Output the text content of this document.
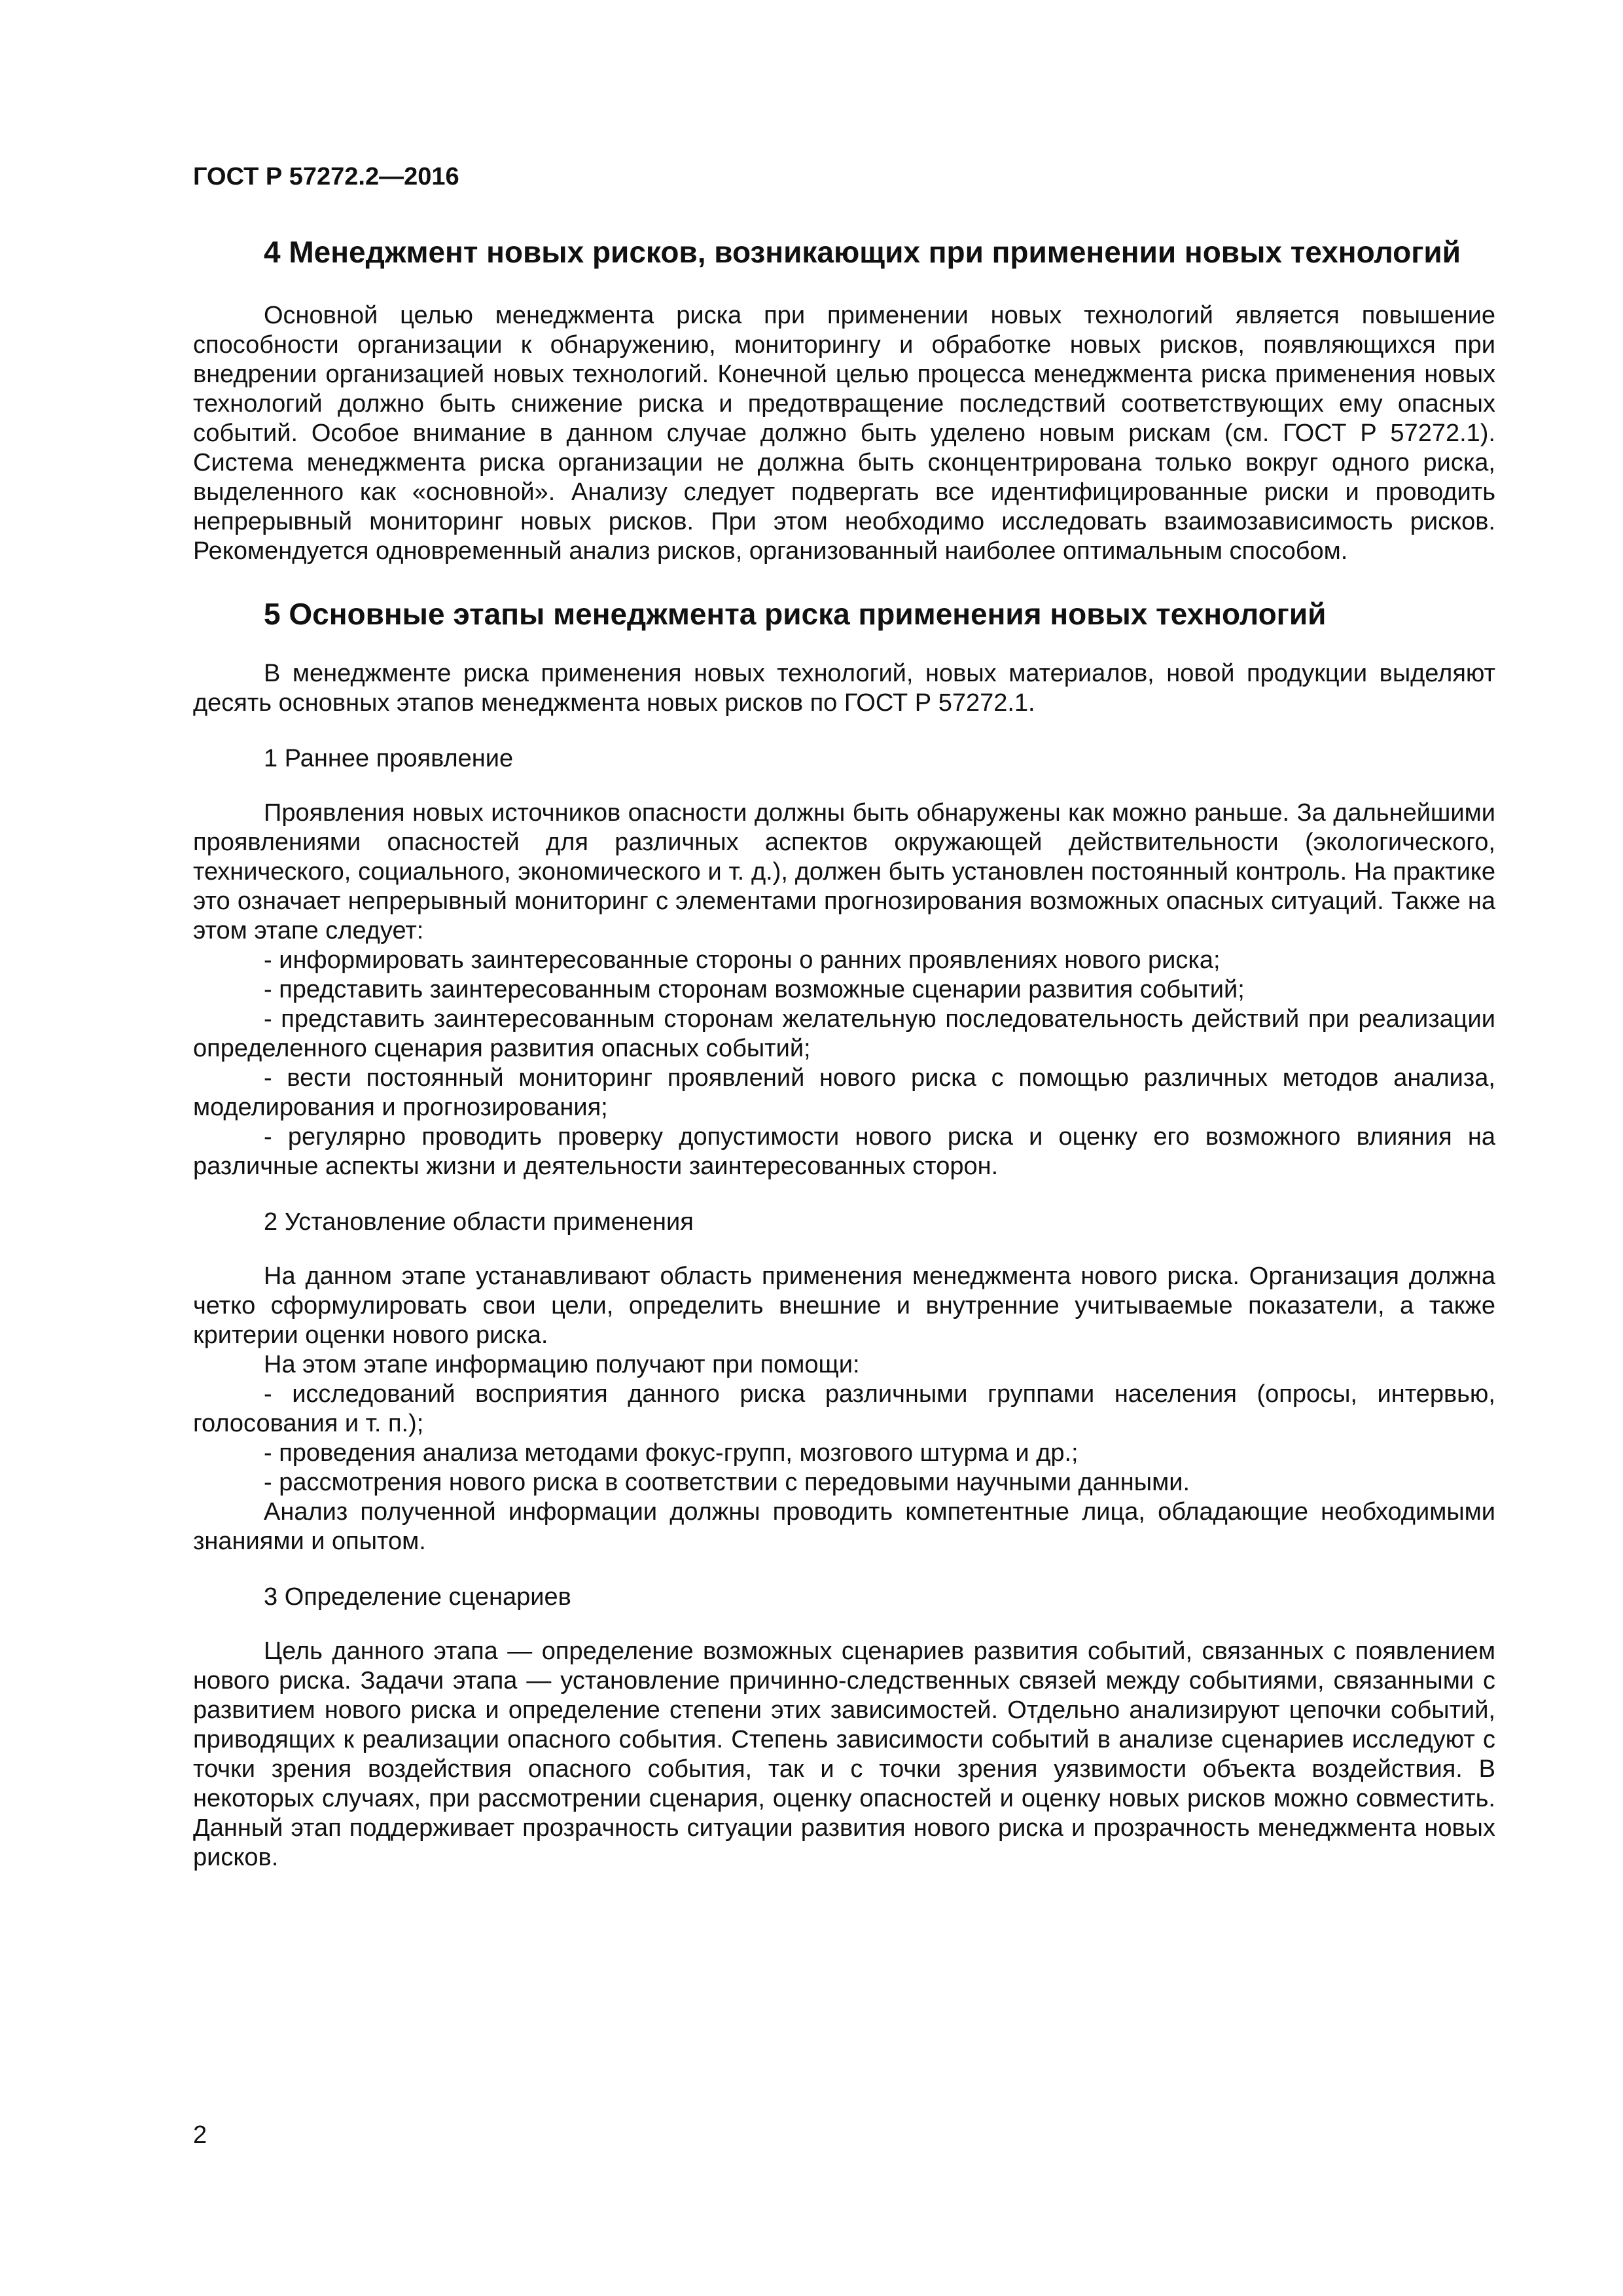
ГОСТ Р 57272.2—2016
4 Менеджмент новых рисков, возникающих при применении новых технологий

Основной целью менеджмента риска при применении новых технологий является повышение способности организации к обнаружению, мониторингу и обработке новых рисков, появляющихся при внедрении организацией новых технологий. Конечной целью процесса менеджмента риска применения новых технологий должно быть снижение риска и предотвращение последствий соответствующих ему опасных событий. Особое внимание в данном случае должно быть уделено новым рискам (см. ГОСТ Р 57272.1). Система менеджмента риска организации не должна быть сконцентрирована только вокруг одного риска, выделенного как «основной». Анализу следует подвергать все идентифицированные риски и проводить непрерывный мониторинг новых рисков. При этом необходимо исследовать взаимозависимость рисков. Рекомендуется одновременный анализ рисков, организованный наиболее оптимальным способом.

5 Основные этапы менеджмента риска применения новых технологий

В менеджменте риска применения новых технологий, новых материалов, новой продукции выделяют десять основных этапов менеджмента новых рисков по ГОСТ Р 57272.1.

1 Раннее проявление

Проявления новых источников опасности должны быть обнаружены как можно раньше. За дальнейшими проявлениями опасностей для различных аспектов окружающей действительности (экологического, технического, социального, экономического и т. д.), должен быть установлен постоянный контроль. На практике это означает непрерывный мониторинг с элементами прогнозирования возможных опасных ситуаций. Также на этом этапе следует:

- информировать заинтересованные стороны о ранних проявлениях нового риска;

- представить заинтересованным сторонам возможные сценарии развития событий;

- представить заинтересованным сторонам желательную последовательность действий при реализации определенного сценария развития опасных событий;

- вести постоянный мониторинг проявлений нового риска с помощью различных методов анализа, моделирования и прогнозирования;

- регулярно проводить проверку допустимости нового риска и оценку его возможного влияния на различные аспекты жизни и деятельности заинтересованных сторон.

2 Установление области применения

На данном этапе устанавливают область применения менеджмента нового риска. Организация должна четко сформулировать свои цели, определить внешние и внутренние учитываемые показатели, а также критерии оценки нового риска.

На этом этапе информацию получают при помощи:

- исследований восприятия данного риска различными группами населения (опросы, интервью, голосования и т. п.);

- проведения анализа методами фокус-групп, мозгового штурма и др.;

- рассмотрения нового риска в соответствии с передовыми научными данными.

Анализ полученной информации должны проводить компетентные лица, обладающие необходимыми знаниями и опытом.

3 Определение сценариев

Цель данного этапа — определение возможных сценариев развития событий, связанных с появлением нового риска. Задачи этапа — установление причинно-следственных связей между событиями, связанными с развитием нового риска и определение степени этих зависимостей. Отдельно анализируют цепочки событий, приводящих к реализации опасного события. Степень зависимости событий в анализе сценариев исследуют с точки зрения воздействия опасного события, так и с точки зрения уязвимости объекта воздействия. В некоторых случаях, при рассмотрении сценария, оценку опасностей и оценку новых рисков можно совместить. Данный этап поддерживает прозрачность ситуации развития нового риска и прозрачность менеджмента новых рисков.

2
